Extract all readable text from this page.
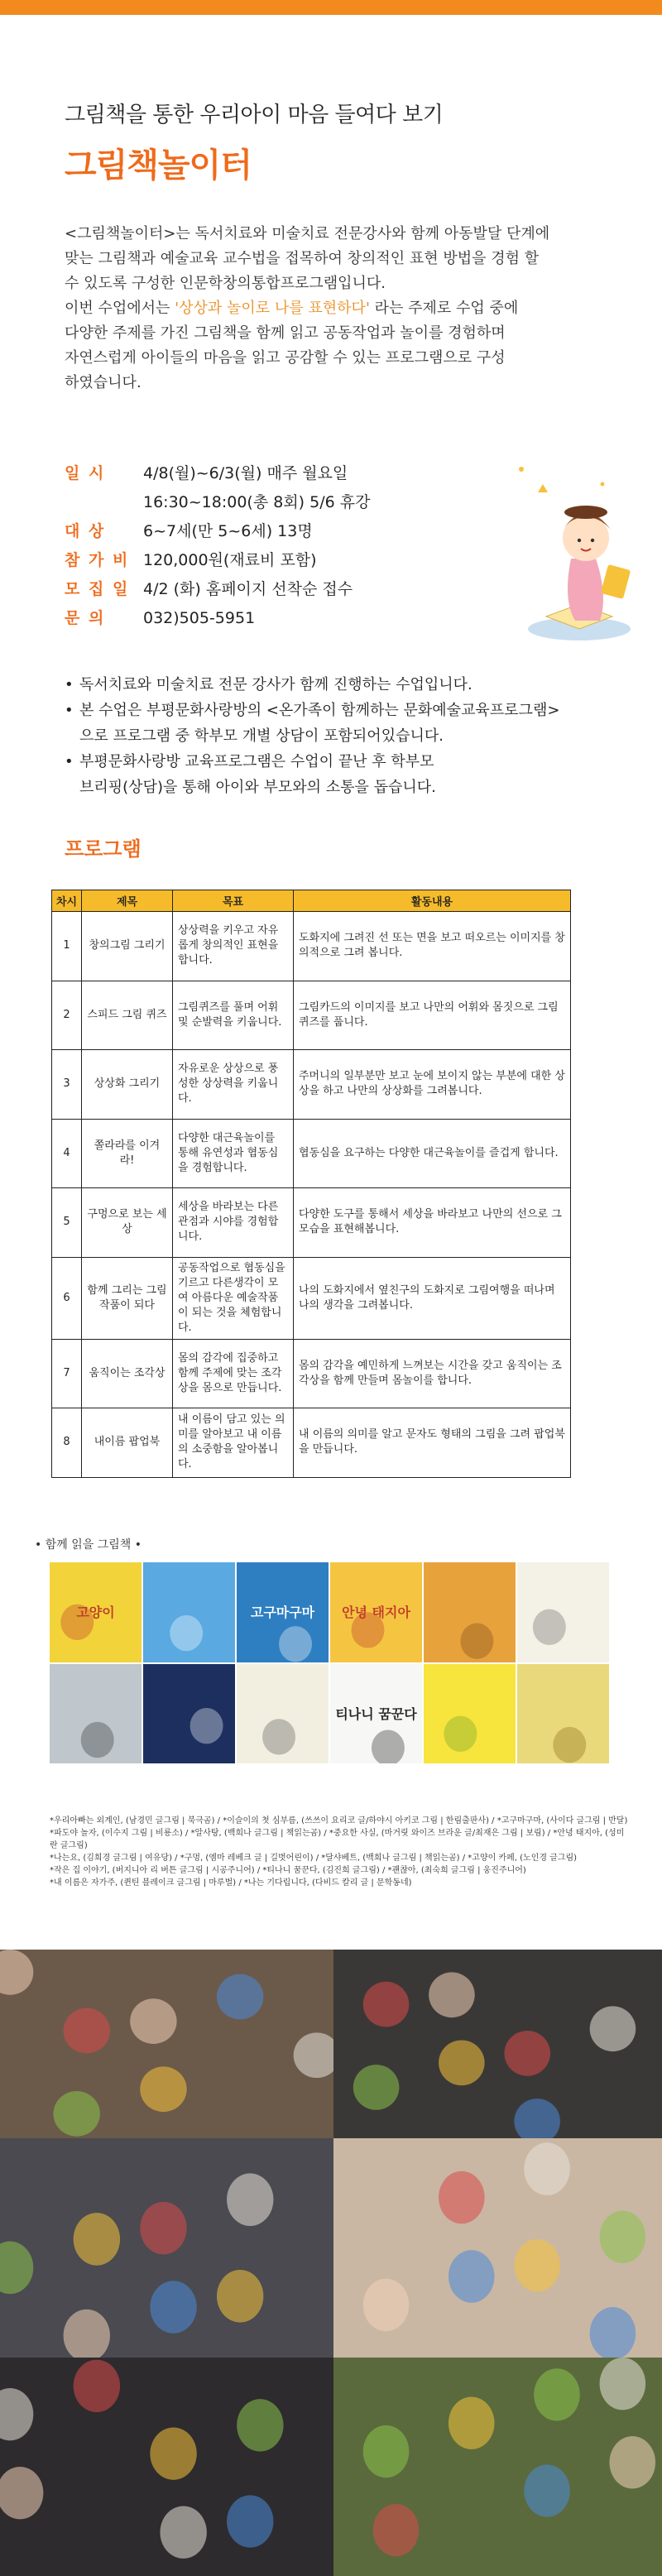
그림책을 통한 우리아이 마음 들여다 보기
그림책놀이터
<그림책놀이터>는 독서치료와 미술치료 전문강사와 함께 아동발달 단계에
맞는 그림책과 예술교육 교수법을 접목하여 창의적인 표현 방법을 경험 할
수 있도록 구성한 인문학창의통합프로그램입니다.
이번 수업에서는 '상상과 놀이로 나를 표현하다' 라는 주제로 수업 중에
다양한 주제를 가진 그림책을 함께 읽고 공동작업과 놀이를 경험하며
자연스럽게 아이들의 마음을 읽고 공감할 수 있는 프로그램으로 구성
하였습니다.
일 시	4/8(월)~6/3(월) 매주 월요일
16:30~18:00(총 8회) 5/6 휴강
대 상	6~7세(만 5~6세) 13명
참 가 비 120,000원(재료비 포함)
모 집 일 4/2 (화) 홈페이지 선착순 접수
문 의	032)505-5951
• 독서치료와 미술치료 전문 강사가 함께 진행하는 수업입니다.
• 본 수업은 부평문화사랑방의 <온가족이 함께하는 문화예술교육프로그램>
으로 프로그램 중 학부모 개별 상담이 포함되어있습니다.
• 부평문화사랑방 교육프로그램은 수업이 끝난 후 학부모
브리핑(상담)을 통해 아이와 부모와의 소통을 돕습니다.
프로그램
차시	제목	목표	활동내용
1	창의그림 그리기	상상력을 키우고 자유롭게 창의적인 표현을 합니다.	도화지에 그려진 선 또는 면을 보고 떠오르는 이미지를 창의적으로 그려 봅니다.
2	스피드 그림 퀴즈	그림퀴즈를 풀며 어휘 및 순발력을 키웁니다.	그림카드의 이미지를 보고 나만의 어휘와 몸짓으로 그림퀴즈를 풉니다.
3	상상화 그리기	자유로운 상상으로 풍성한 상상력을 키웁니다.	주머니의 일부분만 보고 눈에 보이지 않는 부분에 대한 상상을 하고 나만의 상상화를 그려봅니다.
4	쫄라라를 이겨라!	다양한 대근육놀이를 통해 유연성과 협동심을 경험합니다.	협동심을 요구하는 다양한 대근육놀이를 즐겁게 합니다.
5	구멍으로 보는 세상	세상을 바라보는 다른 관점과 시야를 경험합니다.	다양한 도구를 통해서 세상을 바라보고 나만의 선으로 그 모습을 표현해봅니다.
6	함께 그리는 그림 작품이 되다	공동작업으로 협동심을 기르고 다른생각이 모여 아름다운 예술작품이 되는 것을 체험합니다.	나의 도화지에서 옆친구의 도화지로 그림여행을 떠나며 나의 생각을 그려봅니다.
7	움직이는 조각상	몸의 감각에 집중하고 함께 주제에 맞는 조각상을 몸으로 만듭니다.	몸의 감각을 예민하게 느껴보는 시간을 갖고 움직이는 조각상을 함께 만들며 몸놀이를 합니다.
8	내이름 팝업북	내 이름이 담고 있는 의미를 알아보고 내 이름의 소중함을 알아봅니다.	내 이름의 의미를 알고 문자도 형태의 그림을 그려 팝업북을 만듭니다.
• 함께 읽을 그림책 •
고양이	고구마구마	안녕 태지아
티나니 꿈꾼다
*우리아빠는 외계인, (남경민 글그림 | 북극곰) / *이슬이의 첫 심부름, (쓰쓰이 요리코 글/하야시 아키코 그림 | 한림출판사) / *고구마구마, (사이다 글그림 | 반달)
*파도야 놀자, (이수지 그림 | 비룡소) / *알사탕, (백희나 글그림 | 책읽는곰) / *중요한 사실, (마거릿 와이즈 브라운 글/최재은 그림 | 보림) / *안녕 태지아, (성미란 글그림)
*나는요, (김희경 글그림 | 여유당) / *구멍, (엠마 레베크 글 | 길벗어린이) / *달샤베트, (백희나 글그림 | 책읽는곰) / *고양이 카페, (노인경 글그림)
*작은 집 이야기, (버지니아 리 버튼 글그림 | 시공주니어) / *티나니 꿈꾼다, (김진희 글그림) / *괜찮아, (최숙희 글그림 | 웅진주니어)
*내 이름은 자가주, (퀸틴 블레이크 글그림 | 마루벌) / *나는 기다립니다, (다비드 칼리 글 | 문학동네)
